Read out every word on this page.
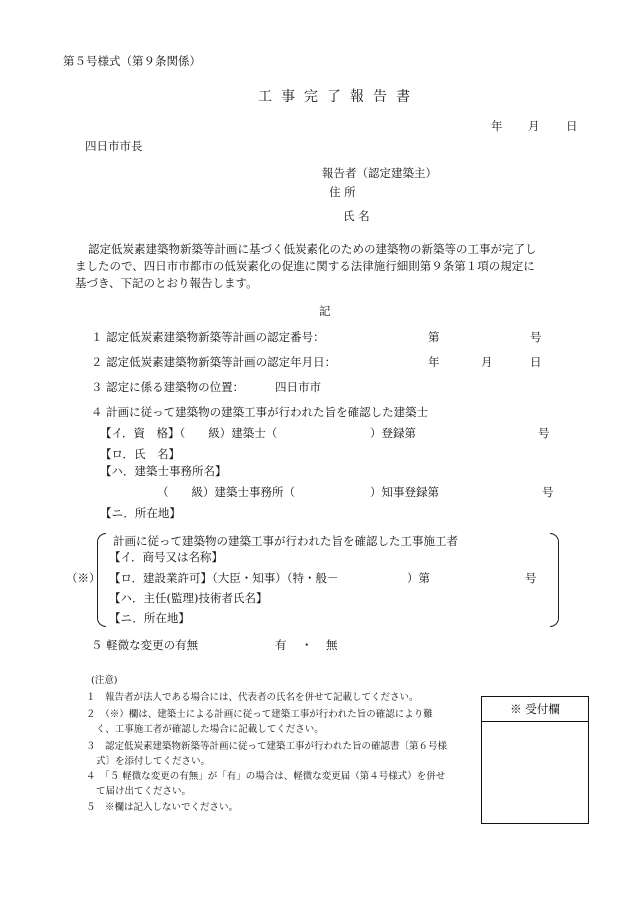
第５号様式（第９条関係）
工事完了報告書
年 月 日
四日市市長
報告者（認定建築主）
住 所
氏 名
認定低炭素建築物新築等計画に基づく低炭素化のための建築物の新築等の工事が完了し
ましたので、四日市市都市の低炭素化の促進に関する法律施行細則第９条第１項の規定に
基づき、下記のとおり報告します。
記
１ 認定低炭素建築物新築等計画の認定番号：	第	号
２ 認定低炭素建築物新築等計画の認定年月日：	年	月	日
３ 認定に係る建築物の位置：	四日市市
４ 計画に従って建築物の建築工事が行われた旨を確認した建築士
【イ．資　格】（　　級）建築士（	）登録第	号
【ロ．氏　名】
【ハ．建築士事務所名】
（　　級）建築士事務所（	）知事登録第	号
【ニ．所在地】
（※）
計画に従って建築物の建築工事が行われた旨を確認した工事施工者
【イ．商号又は名称】
【ロ．建設業許可】（大臣・知事）（特・般－	）第	号
【ハ．主任(監理)技術者氏名】
【ニ．所在地】
５ 軽微な変更の有無	有 ・ 無
(注意)
１　報告者が法人である場合には、代表者の氏名を併せて記載してください。
２　（※）欄は、建築士による計画に従って建築工事が行われた旨の確認により難
く、工事施工者が確認した場合に記載してください。
３　認定低炭素建築物新築等計画に従って建築工事が行われた旨の確認書〔第６号様
式〕を添付してください。
４　「５ 軽微な変更の有無」が「有」の場合は、軽微な変更届（第４号様式）を併せ
て届け出てください。
５　※欄は記入しないでください。
※ 受付欄
